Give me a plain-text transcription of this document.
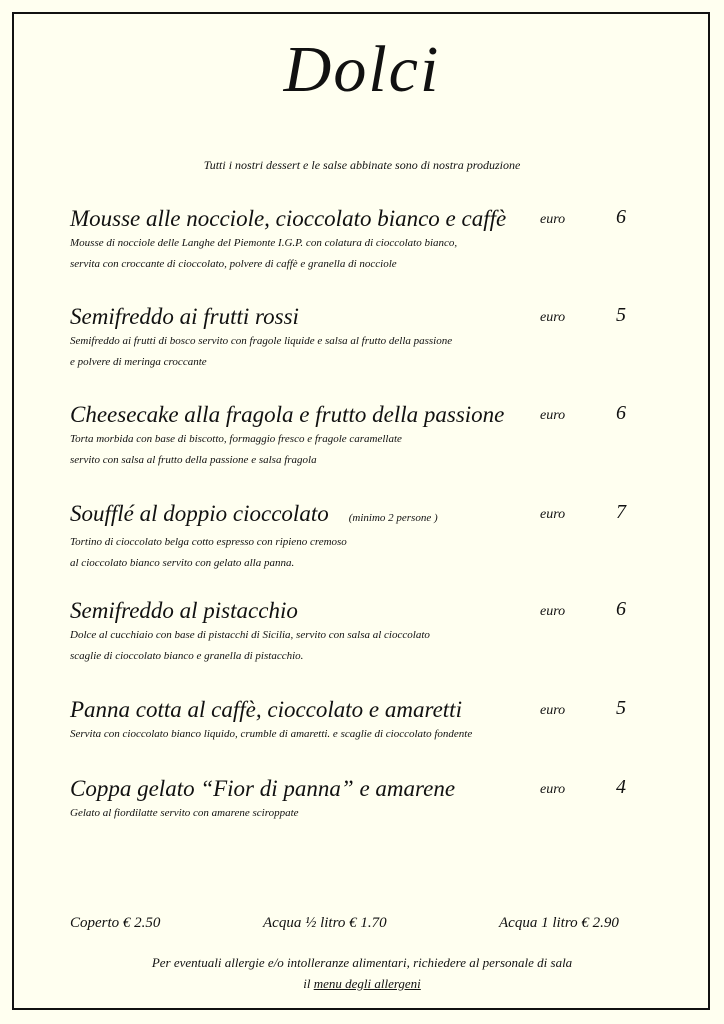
Dolci
Tutti i nostri dessert e le salse abbinate sono di nostra produzione
Mousse alle nocciole, cioccolato bianco e caffè	euro	6
Mousse di nocciole delle Langhe del Piemonte I.G.P. con colatura di cioccolato bianco,
servita con croccante di cioccolato, polvere di caffè e granella di nocciole
Semifreddo ai frutti rossi	euro	5
Semifreddo ai frutti di bosco servito con fragole liquide e salsa al frutto della passione
e polvere di meringa croccante
Cheesecake alla fragola e frutto della passione	euro	6
Torta morbida con base di biscotto, formaggio fresco e fragole caramellate
servito con salsa al frutto della passione e salsa fragola
Soufflé al doppio cioccolato (minimo 2 persone )	euro	7
Tortino di cioccolato belga cotto espresso con ripieno cremoso
al cioccolato bianco servito con gelato alla panna.
Semifreddo al pistacchio	euro	6
Dolce al cucchiaio con base di pistacchi di Sicilia, servito con salsa al cioccolato
scaglie di cioccolato bianco e granella di pistacchio.
Panna cotta al caffè, cioccolato e amaretti	euro	5
Servita con cioccolato bianco liquido, crumble di amaretti. e scaglie di cioccolato fondente
Coppa gelato “Fior di panna” e amarene	euro	4
Gelato al fiordilatte servito con amarene sciroppate
Coperto € 2.50	Acqua ½ litro € 1.70	Acqua 1 litro € 2.90
Per eventuali allergie e/o intolleranze alimentari, richiedere al personale di sala
il menu degli allergeni
